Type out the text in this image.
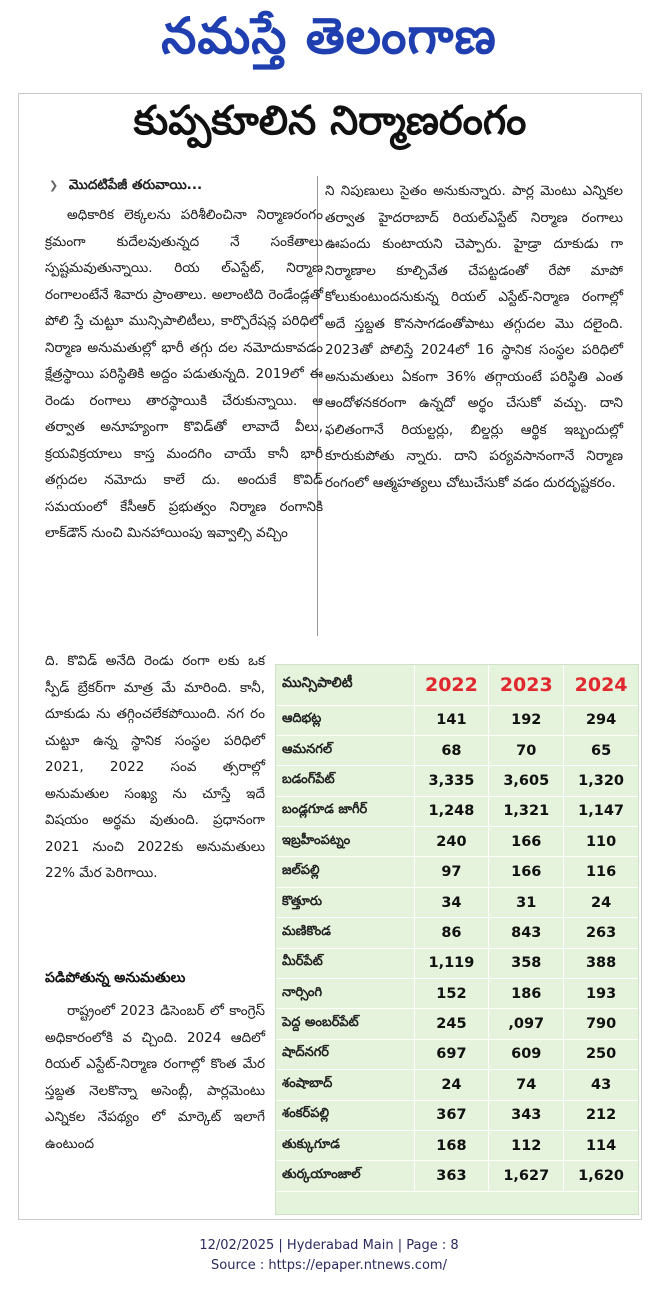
నమస్తే తెలంగాణ
కుప్పకూలిన నిర్మాణరంగం
❯ మొదటిపేజీ తరువాయి...

అధికారిక లెక్కలను పరిశీలించినా నిర్మాణరంగం క్రమంగా కుదేలవుతున్నద నే సంకేతాలు స్పష్టమవుతున్నాయి. రియ ల్‌ఎస్టేట్‌, నిర్మాణ రంగాలంటేనే శివారు ప్రాంతాలు. అలాంటిది రెండేండ్లతో పోలి స్తే చుట్టూ మున్సిపాలిటీలు, కార్పొరేషన్ల పరిధిలో నిర్మాణ అనుమతుల్లో భారీ తగ్గు దల నమోదుకావడం క్షేత్రస్థాయి పరిస్థితికి అద్దం పడుతున్నది. 2019లో ఈ రెండు రంగాలు తారస్థాయికి చేరుకున్నాయి. ఆ తర్వాత అనూహ్యంగా కొవిడ్‌తో లావాదే వీలు, క్రయవిక్రయాలు కాస్త మందగిం చాయే కానీ భారీ తగ్గుదల నమోదు కాలే దు. అందుకే కొవిడ్‌ సమయంలో కేసీఆర్‌ ప్రభుత్వం నిర్మాణ రంగానికి లాక్‌డౌన్‌ నుంచి మినహాయింపు ఇవ్వాల్సి వచ్చిం

ది. కొవిడ్‌ అనేది రెండు రంగా లకు ఒక స్పీడ్‌ బ్రేకర్‌గా మాత్ర మే మారింది. కానీ, దూకుడు ను తగ్గించలేకపోయింది. నగ రం చుట్టూ ఉన్న స్థానిక సంస్థల పరిధిలో 2021, 2022 సంవ త్సరాల్లో అనుమతుల సంఖ్య ను చూస్తే ఇదే విషయం అర్థమ వుతుంది. ప్రధానంగా 2021 నుంచి 2022కు అనుమతులు 22% మేర పెరిగాయి.

పడిపోతున్న అనుమతులు

రాష్ట్రంలో 2023 డిసెంబర్‌ లో కాంగ్రెస్‌ అధికారంలోకి వ చ్చింది. 2024 ఆదిలో రియల్‌ ఎస్టేట్‌-నిర్మాణ రంగాల్లో కొంత మేర స్తబ్దత నెలకొన్నా అసెంబ్లీ, పార్లమెంటు ఎన్నికల నేపథ్యం లో మార్కెట్‌ ఇలాగే ఉంటుంద

ని నిపుణులు సైతం అనుకున్నారు. పార్ల మెంటు ఎన్నికల తర్వాత హైదరాబాద్‌ రియల్‌ఎస్టేట్‌ నిర్మాణ రంగాలు ఊపందు కుంటాయని చెప్పారు. హైడ్రా దూకుడు గా నిర్మాణాల కూల్చివేత చేపట్టడంతో రేపో మాపో కోలుకుంటుందనుకున్న రియల్‌ ఎస్టేట్‌-నిర్మాణ రంగాల్లో అదే స్తబ్దత కొనసాగడంతోపాటు తగ్గుదల మొ దలైంది. 2023తో పోలిస్తే 2024లో 16 స్థానిక సంస్థల పరిధిలో అనుమతులు ఏకంగా 36% తగ్గాయంటే పరిస్థితి ఎంత ఆందోళనకరంగా ఉన్నదో అర్థం చేసుకో వచ్చు. దాని ఫలితంగానే రియల్టర్లు, బిల్డర్లు ఆర్థిక ఇబ్బందుల్లో కూరుకుపోతు న్నారు. దాని పర్యవసానంగానే నిర్మాణ రంగంలో ఆత్మహత్యలు చోటుచేసుకో వడం దురదృష్టకరం.

మున్సిపాలిటీ	2022	2023	2024
ఆదిభట్ల	141	192	294
ఆమనగల్	68	70	65
బడంగ్‌పేట్	3,335	3,605	1,320
బండ్లగూడ జాగీర్	1,248	1,321	1,147
ఇబ్రహీంపట్నం	240	166	110
జల్‌పల్లి	97	166	116
కొత్తూరు	34	31	24
మణికొండ	86	843	263
మీర్‌పేట్	1,119	358	388
నార్సింగి	152	186	193
పెద్ద అంబర్‌పేట్	245	,097	790
షాద్‌నగర్	697	609	250
శంషాబాద్	24	74	43
శంకర్‌పల్లి	367	343	212
తుక్కుగూడ	168	112	114
తుర్కయాంజాల్	363	1,627	1,620
12/02/2025 | Hyderabad Main | Page : 8
Source : https://epaper.ntnews.com/
